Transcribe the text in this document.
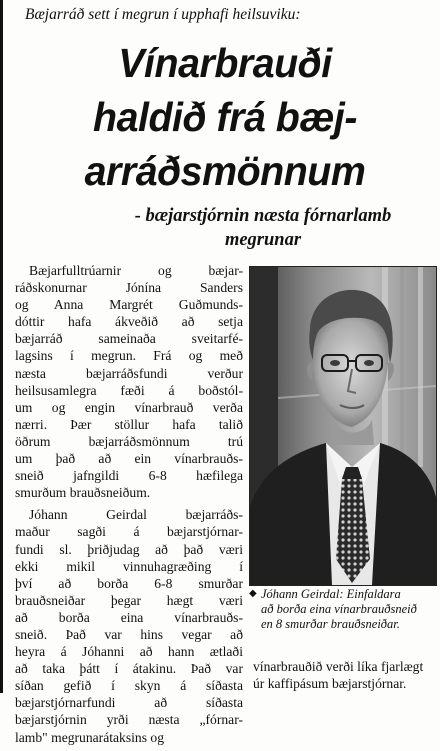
Bæjarráð sett í megrun í upphafi heilsuviku:
Vínarbrauði
haldið frá bæj-
arráðsmönnum
- bæjarstjórnin næsta fórnarlamb
megrunar
Bæjarfulltrúarnir og bæjar-
ráðskonurnar Jónína Sanders
og Anna Margrét Guðmunds-
dóttir hafa ákveðið að setja
bæjarráð sameinaða sveitarfé-
lagsins í megrun. Frá og með
næsta bæjarráðsfundi verður
heilsusamlegra fæði á boðstól-
um og engin vínarbrauð verða
nærri. Þær stöllur hafa talið
öðrum bæjarráðsmönnum trú
um það að ein vínarbrauðs-
sneið jafngildi 6-8 hæfilega
smurðum brauðsneiðum.
Jóhann Geirdal bæjarráðs-
maður sagði á bæjarstjórnar-
fundi sl. þriðjudag að það væri
ekki mikil vinnuhagræðing í
því að borða 6-8 smurðar
brauðsneiðar þegar hægt væri
að borða eina vínarbrauðs-
sneið. Það var hins vegar að
heyra á Jóhanni að hann ætlaði
að taka þátt í átakinu. Það var
síðan gefið í skyn á síðasta
bæjarstjórnarfundi að síðasta
bæjarstjórnin yrði næsta „fórnar-
lamb" megrunarátaksins og
◆ Jóhann Geirdal: Einfaldara
að borða eina vínarbrauðsneið
en 8 smurðar brauðsneiðar.
vínarbrauðið verði líka fjarlægt
úr kaffipásum bæjarstjórnar.
